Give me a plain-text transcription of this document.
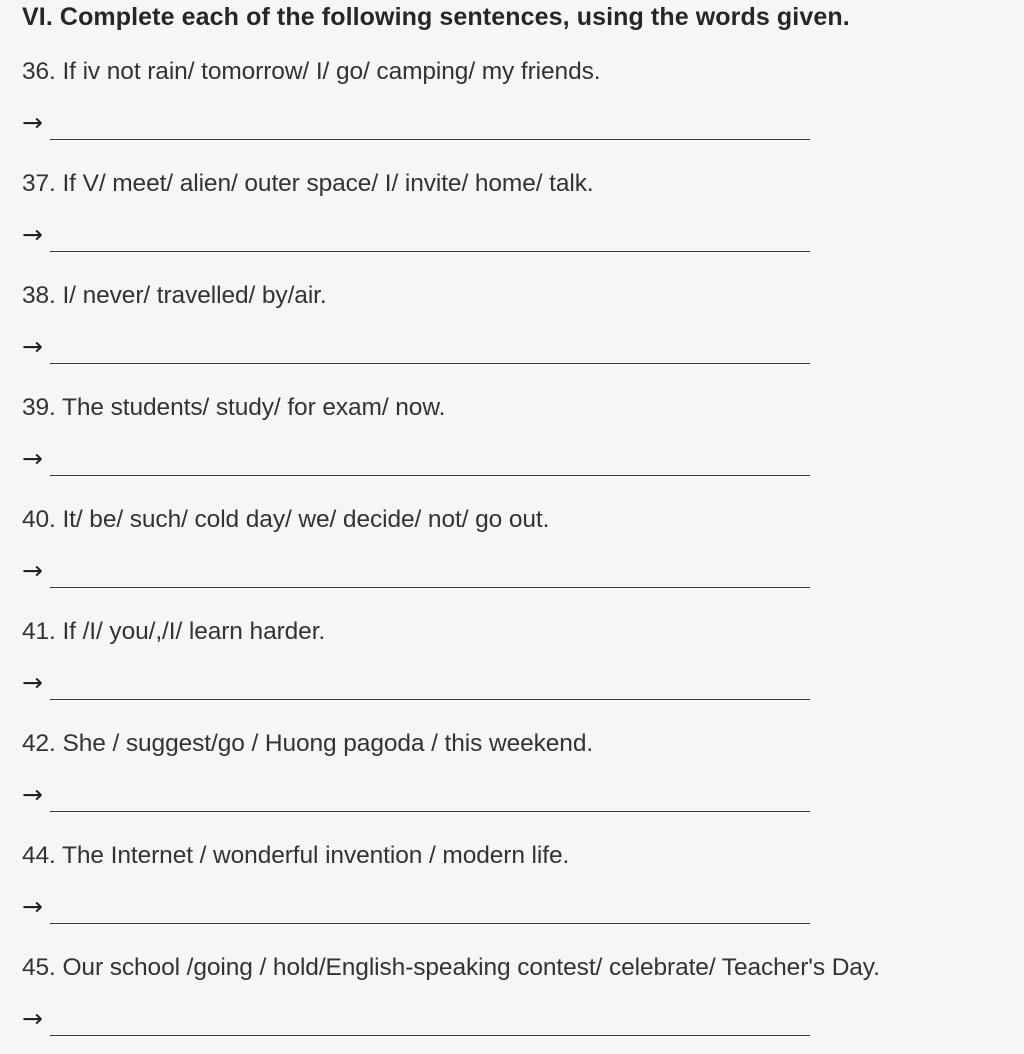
VI. Complete each of the following sentences, using the words given.
36. If iv not rain/ tomorrow/ I/ go/ camping/ my friends.
→
37. If V/ meet/ alien/ outer space/ I/ invite/ home/ talk.
→
38. I/ never/ travelled/ by/air.
→
39. The students/ study/ for exam/ now.
→
40. It/ be/ such/ cold day/ we/ decide/ not/ go out.
→
41. If /I/ you/,/I/ learn harder.
→
42. She / suggest/go / Huong pagoda / this weekend.
→
44. The Internet / wonderful invention / modern life.
→
45. Our school /going / hold/English-speaking contest/ celebrate/ Teacher's Day.
→
